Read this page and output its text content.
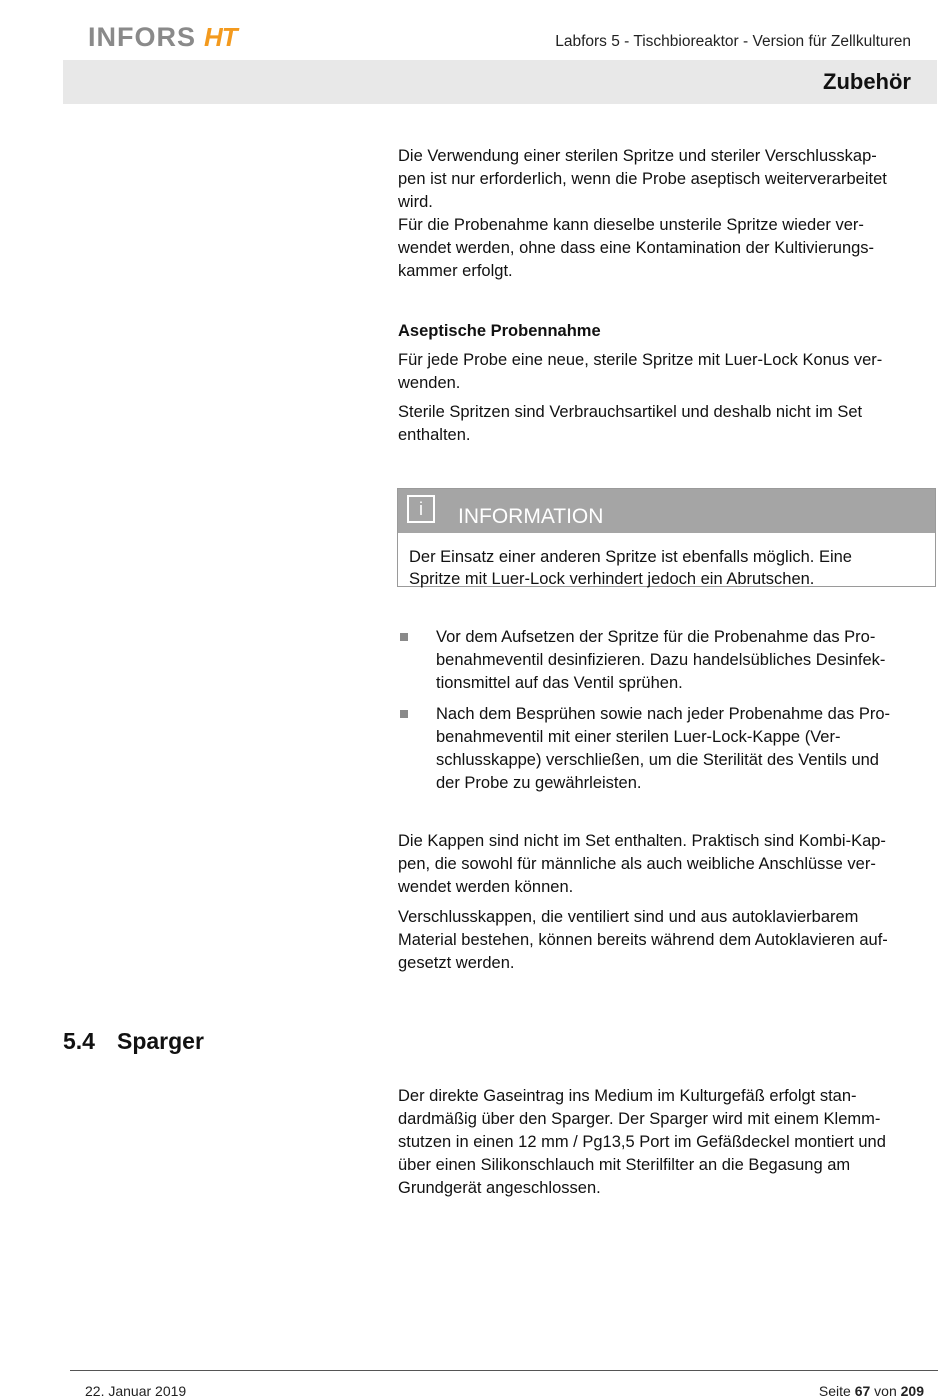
INFORS HT	Labfors 5 - Tischbioreaktor - Version für Zellkulturen
Zubehör

Die Verwendung einer sterilen Spritze und steriler Verschlusskap-
pen ist nur erforderlich, wenn die Probe aseptisch weiterverarbeitet
wird.

Für die Probenahme kann dieselbe unsterile Spritze wieder ver-
wendet werden, ohne dass eine Kontamination der Kultivierungs-
kammer erfolgt.

Aseptische Probennahme

Für jede Probe eine neue, sterile Spritze mit Luer-Lock Konus ver-
wenden.

Sterile Spritzen sind Verbrauchsartikel und deshalb nicht im Set
enthalten.

i	INFORMATION
Der Einsatz einer anderen Spritze ist ebenfalls möglich. Eine
Spritze mit Luer-Lock verhindert jedoch ein Abrutschen.
Vor dem Aufsetzen der Spritze für die Probenahme das Pro-
benahmeventil desinfizieren. Dazu handelsübliches Desinfek-
tionsmittel auf das Ventil sprühen.
Nach dem Besprühen sowie nach jeder Probenahme das Pro-
benahmeventil mit einer sterilen Luer-Lock-Kappe (Ver-
schlusskappe) verschließen, um die Sterilität des Ventils und
der Probe zu gewährleisten.

Die Kappen sind nicht im Set enthalten. Praktisch sind Kombi-Kap-
pen, die sowohl für männliche als auch weibliche Anschlüsse ver-
wendet werden können.

Verschlusskappen, die ventiliert sind und aus autoklavierbarem
Material bestehen, können bereits während dem Autoklavieren auf-
gesetzt werden.

5.4 Sparger

Der direkte Gaseintrag ins Medium im Kulturgefäß erfolgt stan-
dardmäßig über den Sparger. Der Sparger wird mit einem Klemm-
stutzen in einen 12 mm / Pg13,5 Port im Gefäßdeckel montiert und
über einen Silikonschlauch mit Sterilfilter an die Begasung am
Grundgerät angeschlossen.

22. Januar 2019	Seite 67 von 209
